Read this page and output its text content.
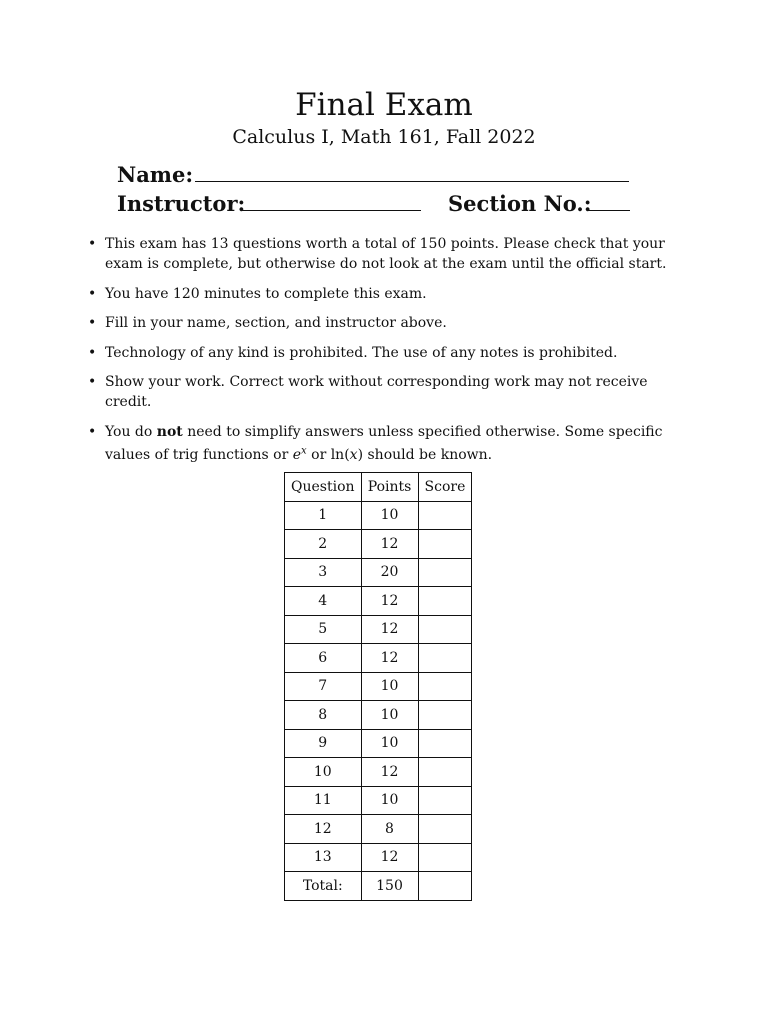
Final Exam
Calculus I, Math 161, Fall 2022
Name:
Instructor:	Section No.:
• This exam has 13 questions worth a total of 150 points. Please check that your exam is complete, but otherwise do not look at the exam until the official start.
• You have 120 minutes to complete this exam.
• Fill in your name, section, and instructor above.
• Technology of any kind is prohibited. The use of any notes is prohibited.
• Show your work. Correct work without corresponding work may not receive credit.
• You do not need to simplify answers unless specified otherwise. Some specific values of trig functions or $e^x$ or ln(x) should be known.
Question	Points	Score
1	10	
2	12	
3	20	
4	12	
5	12	
6	12	
7	10	
8	10	
9	10	
10	12	
11	10	
12	8	
13	12	
Total:	150	
